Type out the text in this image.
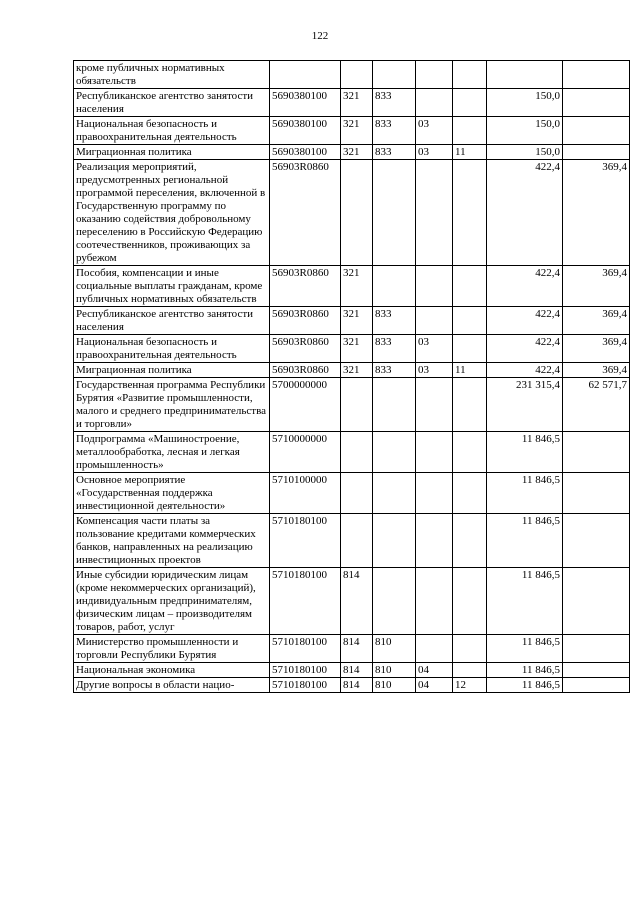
122
кроме публичных нормативных обязательств							
Республиканское агентство занятости населения	5690380100	321	833			150,0	
Национальная безопасность и правоохранительная деятельность	5690380100	321	833	03		150,0	
Миграционная политика	5690380100	321	833	03	11	150,0	
Реализация мероприятий, предусмотренных региональной программой переселения, включенной в Государственную программу по оказанию содействия добровольному переселению в Российскую Федерацию соотечественников, проживающих за рубежом	56903R0860					422,4	369,4
Пособия, компенсации и иные социальные выплаты гражданам, кроме публичных нормативных обязательств	56903R0860	321				422,4	369,4
Республиканское агентство занятости населения	56903R0860	321	833			422,4	369,4
Национальная безопасность и правоохранительная деятельность	56903R0860	321	833	03		422,4	369,4
Миграционная политика	56903R0860	321	833	03	11	422,4	369,4
Государственная программа Республики Бурятия «Развитие промышленности, малого и среднего предпринимательства и торговли»	5700000000					231 315,4	62 571,7
Подпрограмма «Машиностроение, металлообработка, лесная и легкая промышленность»	5710000000					11 846,5	
Основное мероприятие «Государственная поддержка инвестиционной деятельности»	5710100000					11 846,5	
Компенсация части платы за пользование кредитами коммерческих банков, направленных на реализацию инвестиционных проектов	5710180100					11 846,5	
Иные субсидии юридическим лицам (кроме некоммерческих организаций), индивидуальным предпринимателям, физическим лицам – производителям товаров, работ, услуг	5710180100	814				11 846,5	
Министерство промышленности и торговли Республики Бурятия	5710180100	814	810			11 846,5	
Национальная экономика	5710180100	814	810	04		11 846,5	
Другие вопросы в области нацио-	5710180100	814	810	04	12	11 846,5	
